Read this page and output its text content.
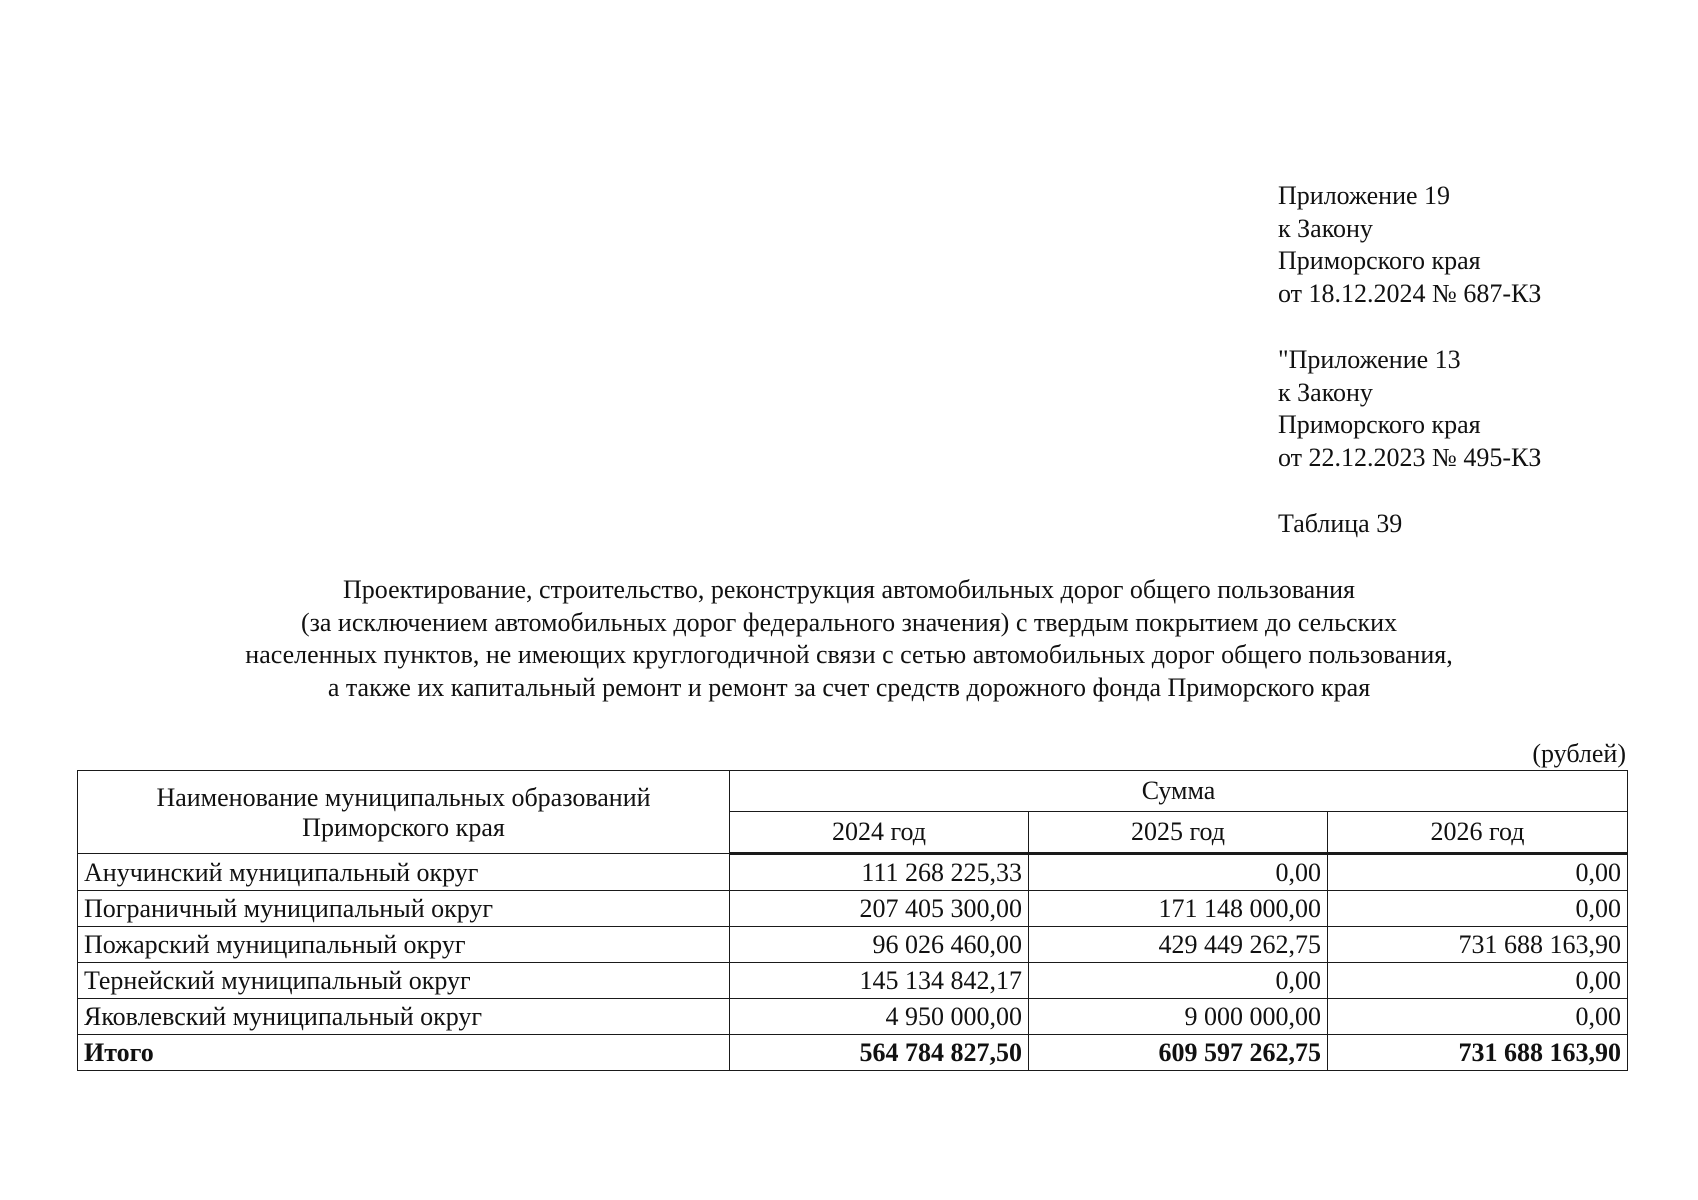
Приложение 19
к Закону
Приморского края
от 18.12.2024 № 687-КЗ
"Приложение 13
к Закону
Приморского края
от 22.12.2023 № 495-КЗ
Таблица 39
Проектирование, строительство, реконструкция автомобильных дорог общего пользования
(за исключением автомобильных дорог федерального значения) с твердым покрытием до сельских
населенных пунктов, не имеющих круглогодичной связи с сетью автомобильных дорог общего пользования,
а также их капитальный ремонт и ремонт за счет средств дорожного фонда Приморского края
(рублей)
Наименование муниципальных образований
Приморского края	Сумма		
	2024 год	2025 год	2026 год
Анучинский муниципальный округ	111 268 225,33	0,00	0,00
Пограничный муниципальный округ	207 405 300,00	171 148 000,00	0,00
Пожарский муниципальный округ	96 026 460,00	429 449 262,75	731 688 163,90
Тернейский муниципальный округ	145 134 842,17	0,00	0,00
Яковлевский муниципальный округ	4 950 000,00	9 000 000,00	0,00
Итого	564 784 827,50	609 597 262,75	731 688 163,90
